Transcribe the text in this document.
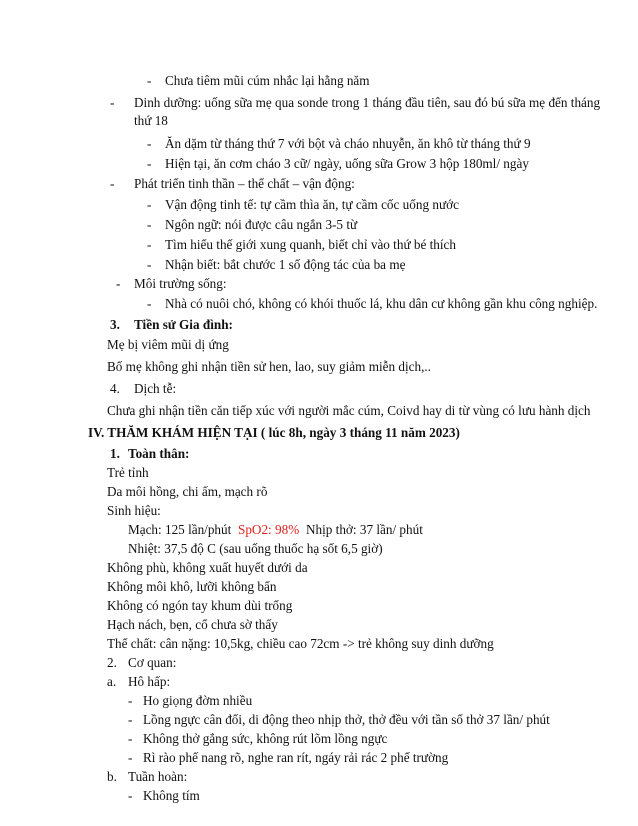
- Chưa tiêm mũi cúm nhắc lại hằng năm
- Dinh dưỡng: uống sữa mẹ qua sonde trong 1 tháng đầu tiên, sau đó bú sữa mẹ đến tháng
thứ 18
- Ăn dặm từ tháng thứ 7 với bột và cháo nhuyễn, ăn khô từ tháng thứ 9
- Hiện tại, ăn cơm cháo 3 cữ/ ngày, uống sữa Grow 3 hộp 180ml/ ngày
- Phát triển tinh thần – thể chất – vận động:
- Vận động tinh tế: tự cầm thìa ăn, tự cầm cốc uống nước
- Ngôn ngữ: nói được câu ngắn 3-5 từ
- Tìm hiểu thế giới xung quanh, biết chỉ vào thứ bé thích
- Nhận biết: bắt chước 1 số động tác của ba mẹ
- Môi trường sống:
- Nhà có nuôi chó, không có khói thuốc lá, khu dân cư không gần khu công nghiệp.
3. Tiền sử Gia đình:
Mẹ bị viêm mũi dị ứng
Bố mẹ không ghi nhận tiền sử hen, lao, suy giảm miễn dịch,..
4. Dịch tễ:
Chưa ghi nhận tiền căn tiếp xúc với người mắc cúm, Coivd hay di từ vùng có lưu hành dịch
IV. THĂM KHÁM HIỆN TẠI ( lúc 8h, ngày 3 tháng 11 năm 2023)
1. Toàn thân:
Trẻ tỉnh
Da môi hồng, chi ấm, mạch rõ
Sinh hiệu:
Mạch: 125 lần/phút SpO2: 98% Nhịp thở: 37 lần/ phút
Nhiệt: 37,5 độ C (sau uống thuốc hạ sốt 6,5 giờ)
Không phù, không xuất huyết dưới da
Không môi khô, lưỡi không bẩn
Không có ngón tay khum dùi trống
Hạch nách, bẹn, cổ chưa sờ thấy
Thể chất: cân nặng: 10,5kg, chiều cao 72cm -> trẻ không suy dinh dưỡng
2. Cơ quan:
a. Hô hấp:
- Ho giọng đờm nhiều
- Lồng ngực cân đối, di động theo nhịp thở, thở đều với tần số thở 37 lần/ phút
- Không thở gắng sức, không rút lõm lồng ngực
- Rì rào phế nang rõ, nghe ran rít, ngáy rải rác 2 phế trường
b. Tuần hoàn:
- Không tím
